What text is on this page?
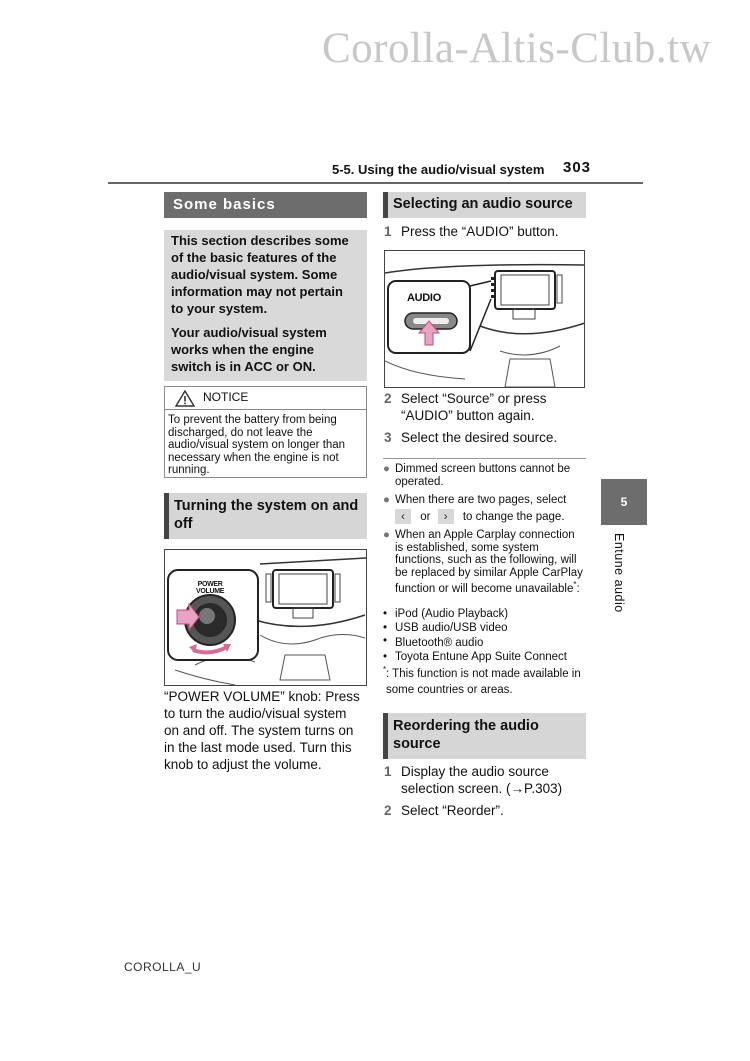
Corolla-Altis-Club.tw
5-5. Using the audio/visual system 303
Some basics
This section describes some of the basic features of the audio/visual system. Some information may not pertain to your system.
Your audio/visual system works when the engine switch is in ACC or ON.
NOTICE
To prevent the battery from being discharged, do not leave the audio/visual system on longer than necessary when the engine is not running.
Turning the system on and off
POWER
VOLUME
“POWER VOLUME” knob: Press to turn the audio/visual system on and off. The system turns on in the last mode used. Turn this knob to adjust the volume.
Selecting an audio source
1 Press the “AUDIO” button.
AUDIO
2 Select “Source” or press “AUDIO” button again.
3 Select the desired source.
● Dimmed screen buttons cannot be operated.
● When there are two pages, select
‹ or › to change the page.
● When an Apple Carplay connection is established, some system functions, such as the following, will be replaced by similar Apple CarPlay function or will become unavailable*:
• iPod (Audio Playback)
• USB audio/USB video
• Bluetooth® audio
• Toyota Entune App Suite Connect
* : This function is not made available in some countries or areas.
Reordering the audio source
1 Display the audio source selection screen. (→P.303)
2 Select “Reorder”.
5
Entune audio
COROLLA_U
